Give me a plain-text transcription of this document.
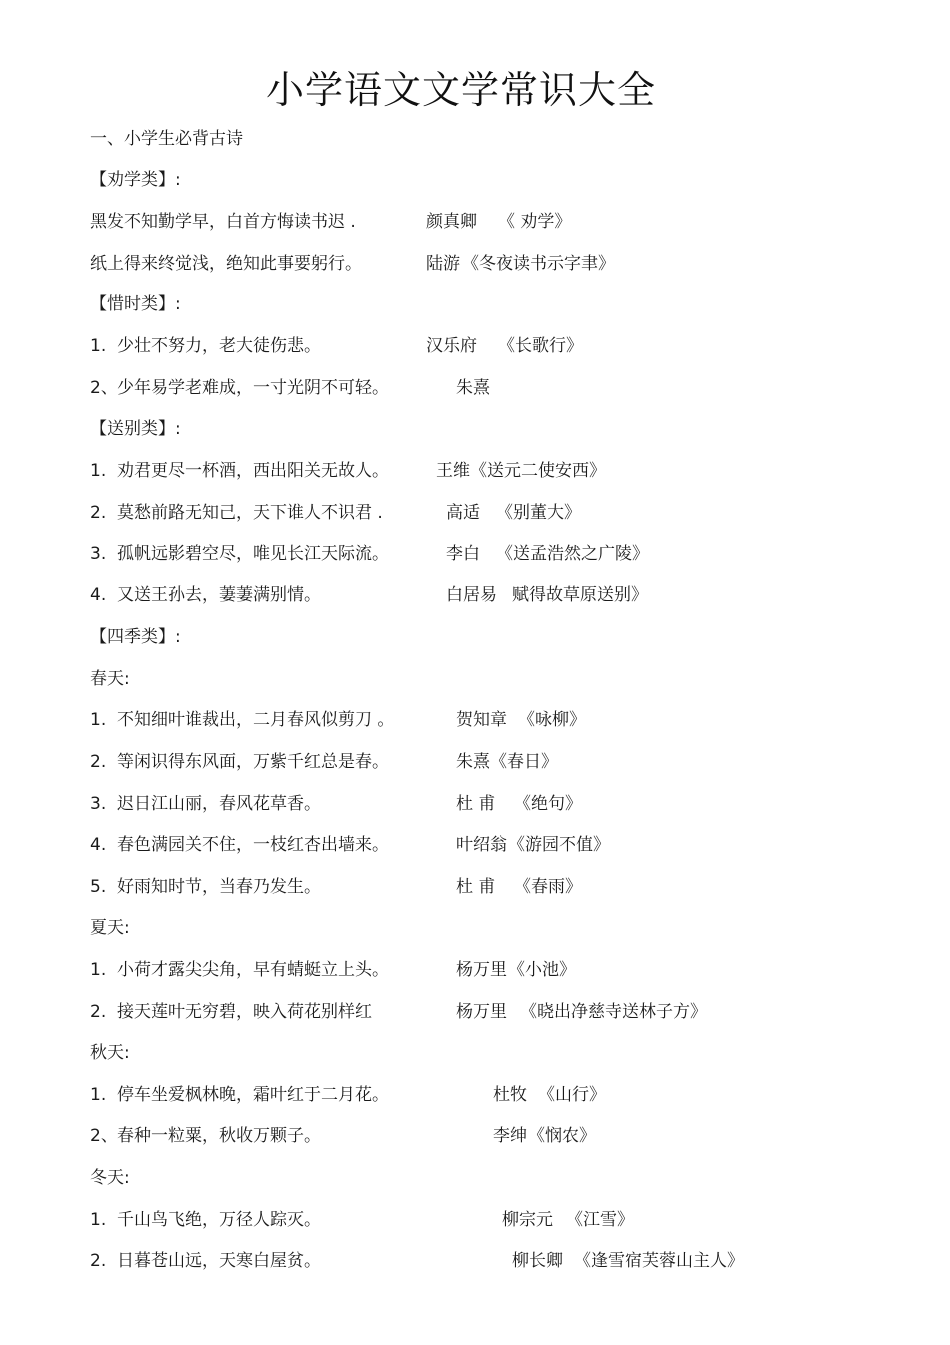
小学语文文学常识大全
一、小学生必背古诗
【劝学类】:
黑发不知勤学早，白首方悔读书迟 .	颜真卿 《 劝学》
纸上得来终觉浅，绝知此事要躬行。	陆游 《冬夜读书示字聿》
【惜时类】:
1. 少壮不努力，老大徒伤悲。	汉乐府 《长歌行》
2、 少年易学老难成，一寸光阴不可轻。	朱熹
【送别类】:
1. 劝君更尽一杯酒，西出阳关无故人。	王维 《送元二使安西》
2. 莫愁前路无知己，天下谁人不识君 .	高适 《别董大》
3. 孤帆远影碧空尽，唯见长江天际流。	李白 《送孟浩然之广陵》
4. 又送王孙去，萋萋满别情。	白居易 赋得故草原送别》
【四季类】:
春天:
1. 不知细叶谁裁出，二月春风似剪刀 。	贺知章 《咏柳》
2. 等闲识得东风面，万紫千红总是春。	朱熹 《春日》
3. 迟日江山丽，春风花草香。	杜 甫 《绝句》
4. 春色满园关不住，一枝红杏出墙来。	叶绍翁 《游园不值》
5. 好雨知时节，当春乃发生。	杜 甫 《春雨》
夏天:
1. 小荷才露尖尖角，早有蜻蜓立上头。	杨万里 《小池》
2. 接天莲叶无穷碧，映入荷花别样红	杨万里 《晓出净慈寺送林子方》
秋天:
1. 停车坐爱枫林晚，霜叶红于二月花。	杜牧 《山行》
2、 春种一粒粟，秋收万颗子。	李绅 《悯农》
冬天:
1. 千山鸟飞绝，万径人踪灭。	柳宗元 《江雪》
2. 日暮苍山远，天寒白屋贫。	柳长卿 《逢雪宿芙蓉山主人》
